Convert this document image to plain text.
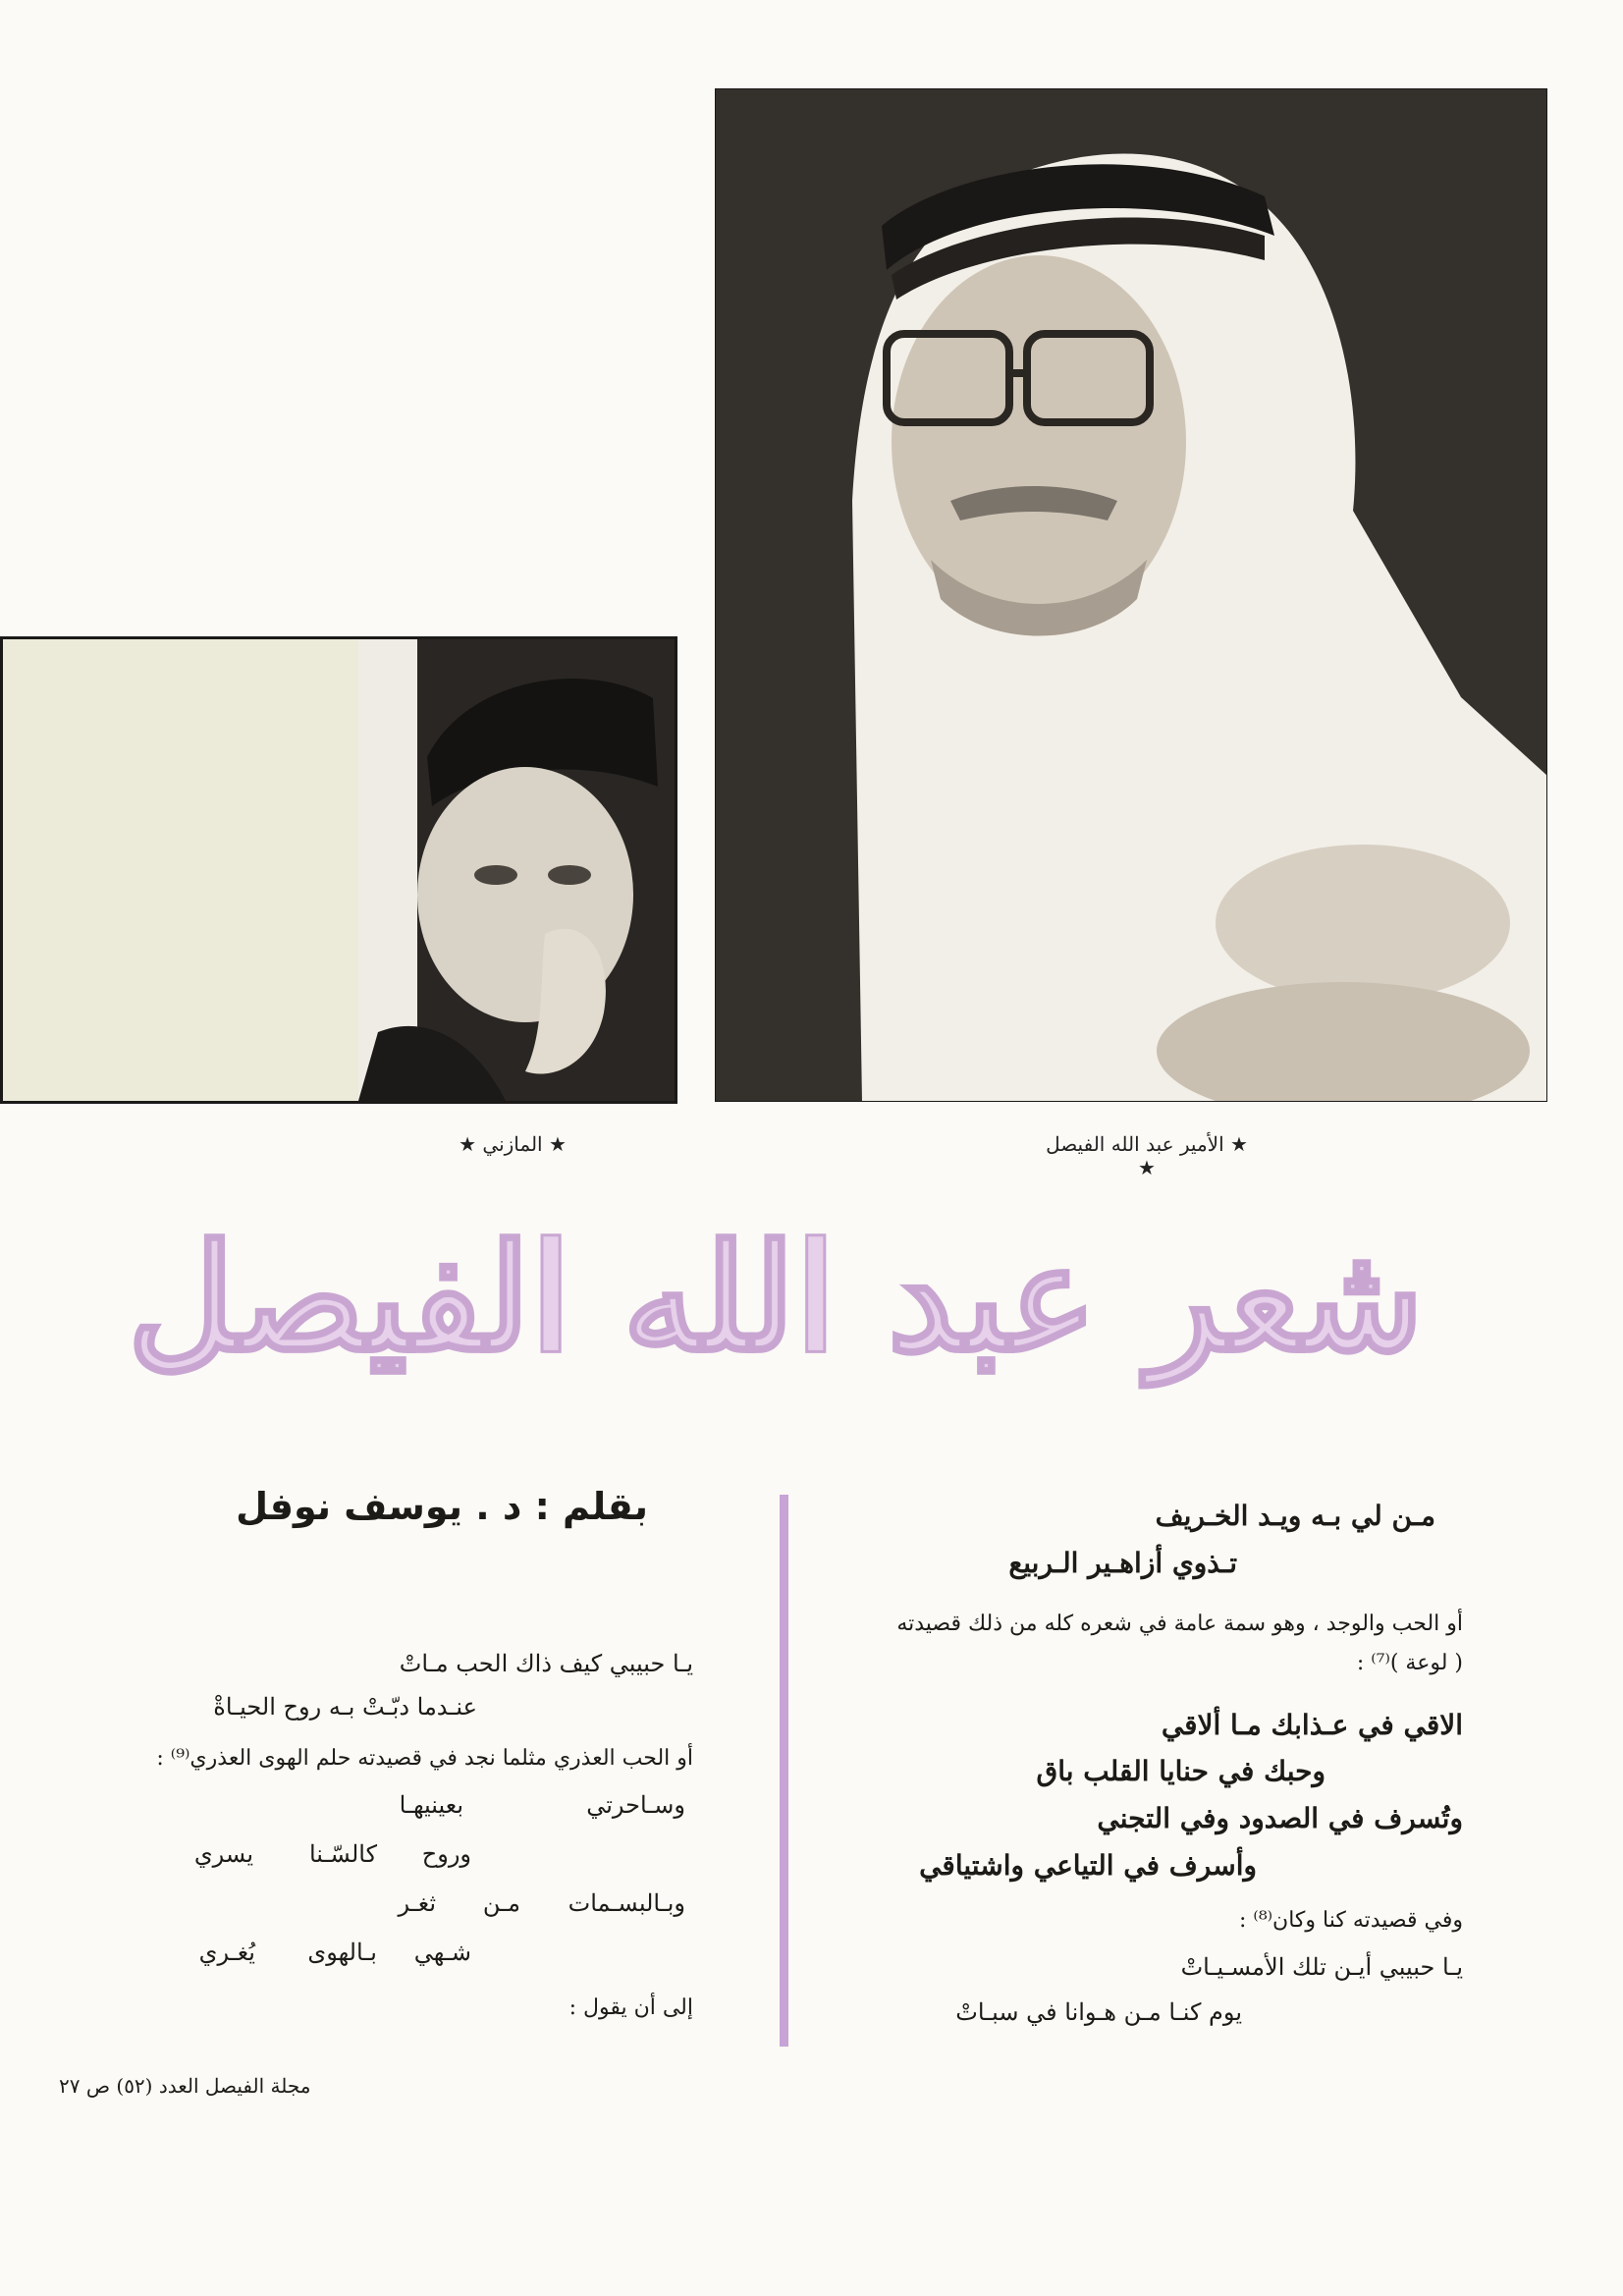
★ الأمير عبد الله الفيصل ★
★ المازني ★
شعر عبد الله الفيصل
بقلم : د . يوسف نوفل	مـن لي بـه ويـد الخـريف
تـذوي أزاهـير الـربيع
أو الحب والوجد ، وهو سمة عامة في شعره كله من ذلك قصيدته
( لوعة )⁽⁷⁾ :
الاقي في عـذابك مـا ألاقي
وحبك في حنايا القلب باق
وتُسرف في الصدود وفي التجني
وأسرف في التياعي واشتياقي
وفي قصيدته كنا وكان⁽⁸⁾ :
يـا حبيبي أيـن تلك الأمسـيـاتْ
يوم كنـا مـن هـوانا في سبـاتْ
يـا حبيبي كيف ذاك الحب مـاتْ
عنـدما دبّـتْ بـه روح الحيـاةْ
أو الحب العذري مثلما نجد في قصيدته حلم الهوى العذري⁽⁹⁾ :
وسـاحرتي
بعينيهـا
وروح
كالسّـنا
يسري
وبـالبسـمات
مـن
ثغـر
شـهي
بـالهوى
يُغـري
إلى أن يقول :
مجلة الفيصل العدد (٥٢) ص ٢٧
